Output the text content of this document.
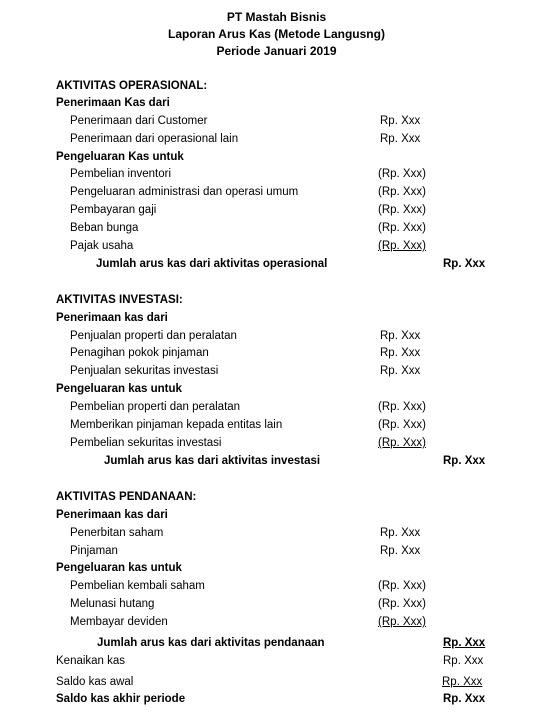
PT Mastah Bisnis
Laporan Arus Kas (Metode Langusng)
Periode Januari 2019
AKTIVITAS OPERASIONAL:
Penerimaan Kas dari
Penerimaan dari Customer	Rp. Xxx
Penerimaan dari operasional lain	Rp. Xxx
Pengeluaran Kas untuk
Pembelian inventori	(Rp. Xxx)
Pengeluaran administrasi dan operasi umum	(Rp. Xxx)
Pembayaran gaji	(Rp. Xxx)
Beban bunga	(Rp. Xxx)
Pajak usaha	(Rp. Xxx)
Jumlah arus kas dari aktivitas operasional	Rp. Xxx
AKTIVITAS INVESTASI:
Penerimaan kas dari
Penjualan properti dan peralatan	Rp. Xxx
Penagihan pokok pinjaman	Rp. Xxx
Penjualan sekuritas investasi	Rp. Xxx
Pengeluaran kas untuk
Pembelian properti dan peralatan	(Rp. Xxx)
Memberikan pinjaman kepada entitas lain	(Rp. Xxx)
Pembelian sekuritas investasi	(Rp. Xxx)
Jumlah arus kas dari aktivitas investasi	Rp. Xxx
AKTIVITAS PENDANAAN:
Penerimaan kas dari
Penerbitan saham	Rp. Xxx
Pinjaman	Rp. Xxx
Pengeluaran kas untuk
Pembelian kembali saham	(Rp. Xxx)
Melunasi hutang	(Rp. Xxx)
Membayar deviden	(Rp. Xxx)
Jumlah arus kas dari aktivitas pendanaan	Rp. Xxx
Kenaikan kas	Rp. Xxx
Saldo kas awal	Rp. Xxx
Saldo kas akhir periode	Rp. Xxx
